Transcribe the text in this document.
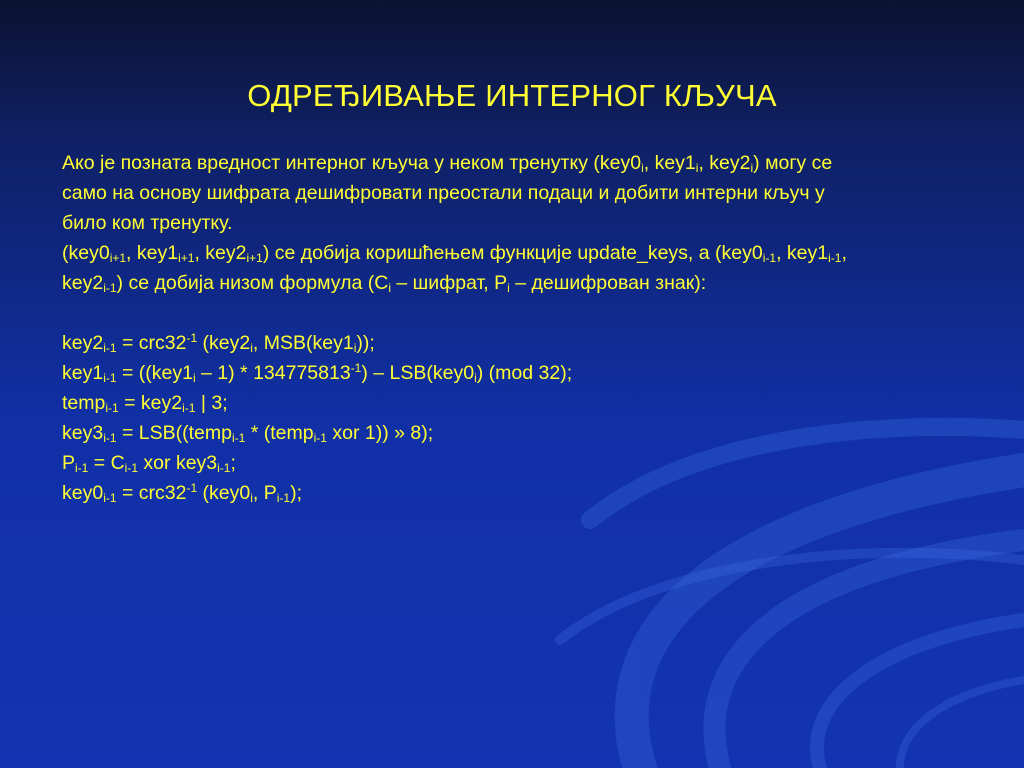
ОДРЕЂИВАЊЕ ИНТЕРНОГ КЉУЧА
Ако је позната вредност интерног кључа у неком тренутку ($key0_i$, $key1_i$, $key2_i$) могу се
само на основу шифрата дешифровати преостали подаци и добити интерни кључ у
било ком тренутку.
($key0_{i+1}$, $key1_{i+1}$, $key2_{i+1}$) се добија коришћењем функције update_keys, а ($key0_{i-1}$, $key1_{i-1}$,
$key2_{i-1}$) се добија низом формула ($C_i$ – шифрат, $P_i$ – дешифрован знак):
$key2_{i-1} = crc32^{-1}$ ($key2_i$, $MSB(key1_i)$);
$key1_{i-1} = ((key1_i - 1) * 134775813^{-1}) - LSB(key0_i)$ (mod 32);
temp$_{i-1}$ = $key2_{i-1}$ | 3;
$key3_{i-1}$ = LSB((temp$_{i-1}$ * (temp$_{i-1}$ xor 1)) » 8);
$P_{i-1} = C_{i-1}$ xor $key3_{i-1}$;
$key0_{i-1} = crc32^{-1}$ ($key0_i$, $P_{i-1}$);
